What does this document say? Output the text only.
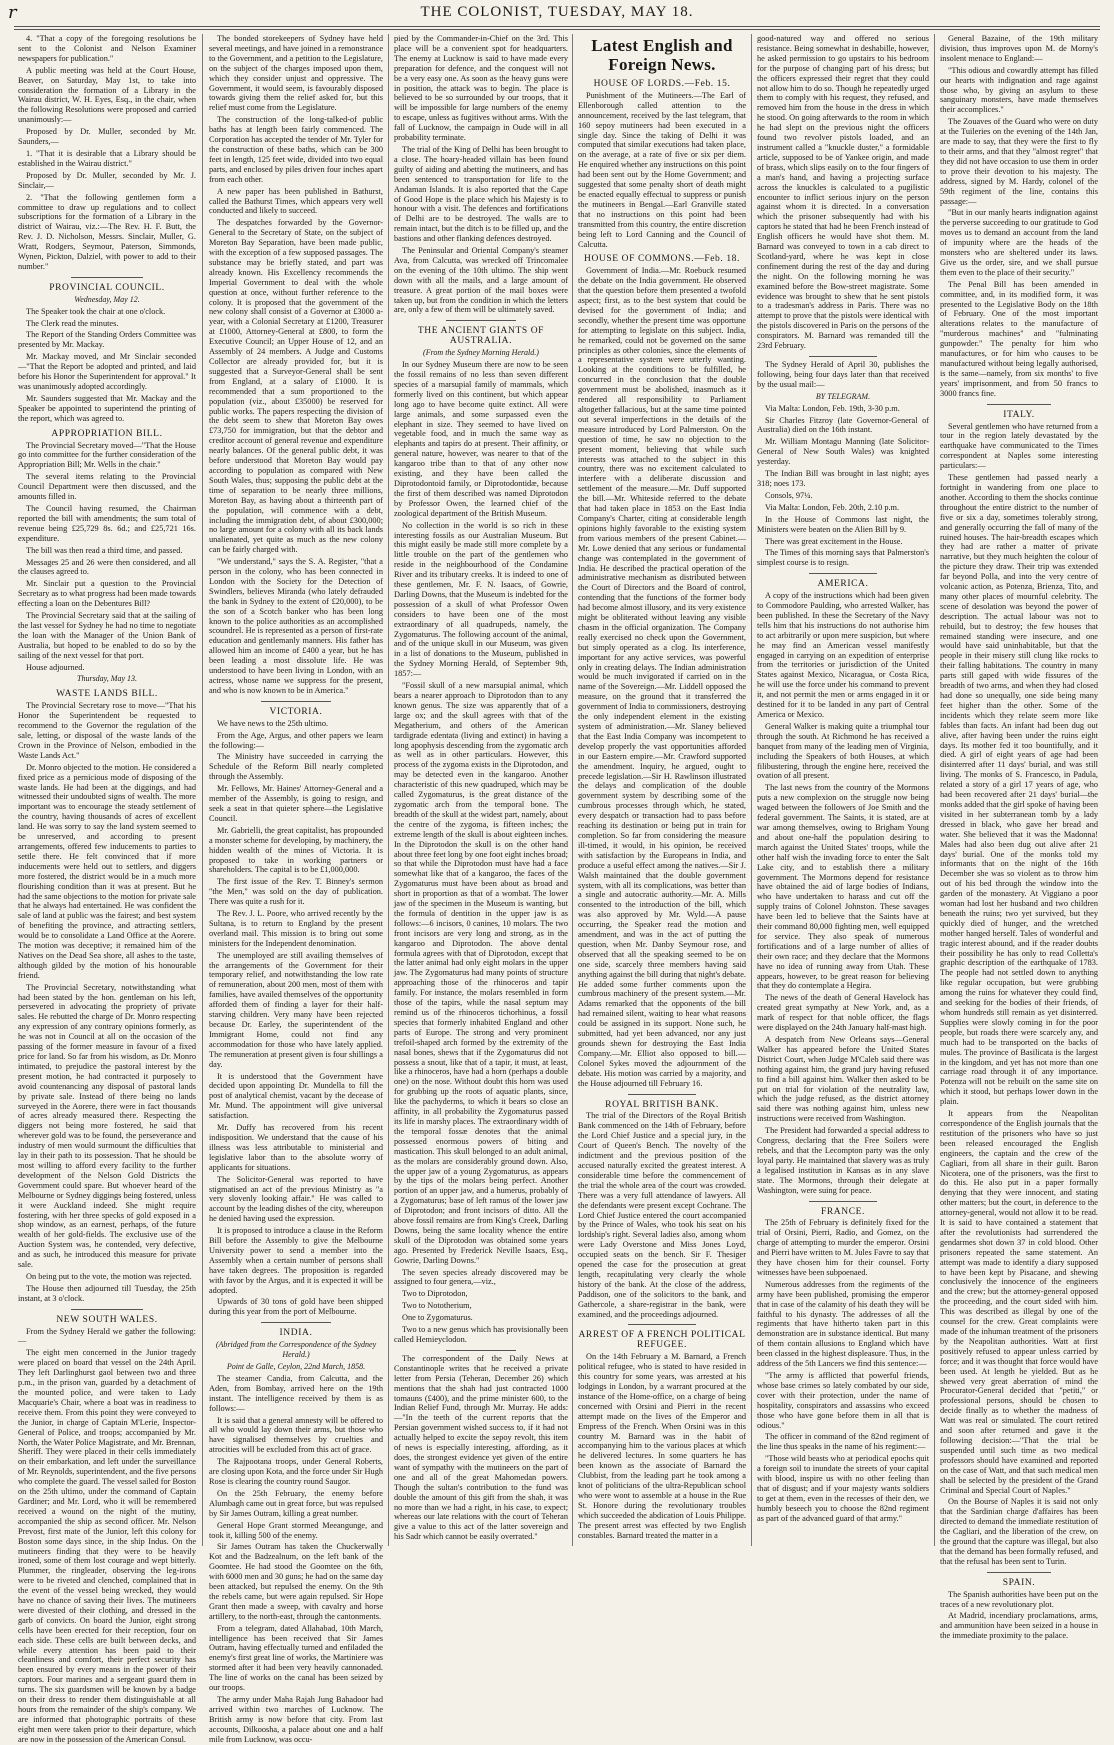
r	THE COLONIST, TUESDAY, MAY 18.

4. "That a copy of the foregoing resolutions be sent to the Colonist and Nelson Examiner newspapers for publication."

A public meeting was held at the Court House, Beaver, on Saturday, May 1st, to take into consideration the formation of a Library in the Wairau district, W. H. Eyes, Esq., in the chair, when the following Resolutions were proposed and carried unanimously:—

Proposed by Dr. Muller, seconded by Mr. Saunders,—

1. "That it is desirable that a Library should be established in the Wairau district."

Proposed by Dr. Muller, seconded by Mr. J. Sinclair,—

2. "That the following gentlemen form a committee to draw up regulations and to collect subscriptions for the formation of a Library in the district of Wairau, viz.:—The Rev. H. F. Butt, the Rev. J. D. Nicholson, Messrs. Sinclair, Muller, G. Wratt, Rodgers, Seymour, Paterson, Simmonds, Wynen, Pickton, Dalziel, with power to add to their number."

PROVINCIAL COUNCIL.

Wednesday, May 12.

The Speaker took the chair at one o'clock.

The Clerk read the minutes.

The Report of the Standing Orders Committee was presented by Mr. Mackay.

Mr. Mackay moved, and Mr Sinclair seconded —"That the Report be adopted and printed, and laid before his Honor the Superintendent for approval." It was unanimously adopted accordingly.

Mr. Saunders suggested that Mr. Mackay and the Speaker be appointed to superintend the printing of the report, which was agreed to.

APPROPRIATION BILL.

The Provincial Secretary moved—"That the House go into committee for the further consideration of the Appropriation Bill; Mr. Wells in the chair."

The several items relating to the Provincial Council Department were then discussed, and the amounts filled in.

The Council having resumed, the Chairman reported the bill with amendments; the sum total of revenue being £25,729 8s. 6d.; and £25,721 16s. expenditure.

The bill was then read a third time, and passed.

Messages 25 and 26 were then considered, and all the clauses agreed to.

Mr. Sinclair put a question to the Provincial Secretary as to what progress had been made towards effecting a loan on the Debentures Bill?

The Provincial Secretary said that at the sailing of the last vessel for Sydney he had no time to negotiate the loan with the Manager of the Union Bank of Australia, but hoped to be enabled to do so by the sailing of the next vessel for that port.

House adjourned.

Thursday, May 13.

WASTE LANDS BILL.

The Provincial Secretary rose to move—"That his Honor the Superintendent be requested to recommend to the Governor the regulation of the sale, letting, or disposal of the waste lands of the Crown in the Province of Nelson, embodied in the Waste Lands Act."

Dr. Monro objected to the motion. He considered a fixed price as a pernicious mode of disposing of the waste lands. He had been at the diggings, and had witnessed their undoubted signs of wealth. The more important was to encourage the steady settlement of the country, having thousands of acres of excellent land. He was sorry to say the land system seemed to be unreserved, and according to present arrangements, offered few inducements to parties to settle there. He felt convinced that if more inducements were held out to settlers, and diggers more fostered, the district would be in a much more flourishing condition than it was at present. But he had the same objections to the motion for private sale that he always had entertained. He was confident the sale of land at public was the fairest; and best system of benefiting the province, and attracting settlers, would be to consolidate a Land Office at the Aorere. The motion was deceptive; it remained him of the Natives on the Dead Sea shore, all ashes to the taste, although gilded by the motion of his honourable friend.

The Provincial Secretary, notwithstanding what had been stated by the hon. gentleman on his left, persevered in advocating the propriety of private sales. He rebutted the charge of Dr. Monro respecting any expression of any contrary opinions formerly, as he was not in Council at all on the occasion of the passing of the former measure in favour of a fixed price for land. So far from his wisdom, as Dr. Monro intimated, to prejudice the pastoral interest by the present motion, he had contracted it purposely to avoid countenancing any disposal of pastoral lands by private sale. Instead of there being no lands surveyed in the Aorere, there were in fact thousands of acres already measured there. Respecting the diggers not being more fostered, he said that wherever gold was to be found, the perseverance and industry of men would surmount the difficulties that lay in their path to its possession. That he should be most willing to afford every facility to the further development of the Nelson Gold Districts the Government could spare. But whoever heard of the Melbourne or Sydney diggings being fostered, unless it were Auckland indeed. She might require fostering, with her three specks of gold exposed in a shop window, as an earnest, perhaps, of the future wealth of her gold-fields. The exclusive use of the Auction System was, he contended, very defective, and as such, he introduced this measure for private sale.

On being put to the vote, the motion was rejected.

The House then adjourned till Tuesday, the 25th instant, at 3 o'clock.

NEW SOUTH WALES.

From the Sydney Herald we gather the following:—

The eight men concerned in the Junior tragedy were placed on board that vessel on the 24th April. They left Darlinghurst gaol between two and three p.m., in the prison van, guarded by a detachment of the mounted police, and were taken to Lady Macquarie's Chair, where a boat was in readiness to receive them. From this point they were conveyed to the Junior, in charge of Captain M'Lerie, Inspector-General of Police, and troops; accompanied by Mr. North, the Water Police Magistrate, and Mr. Brennan, Sheriff. They were placed in their cells immediately on their embarkation, and left under the surveillance of Mr. Reynolds, superintendent, and the five persons who complete the guard. The vessel sailed for Boston on the 25th ultimo, under the command of Captain Gardiner; and Mr. Lord, who it will be remembered received a wound on the night of the mutiny, accompanied the ship as second officer. Mr. Nelson Prevost, first mate of the Junior, left this colony for Boston some days since, in the ship Indus. On the mutineers finding that they were to be heavily ironed, some of them lost courage and wept bitterly. Plummer, the ringleader, observing the leg-irons were to be riveted and clenched, complained that in the event of the vessel being wrecked, they would have no chance of saving their lives. The mutineers were divested of their clothing, and dressed in the garb of convicts. On board the Junior, eight strong cells have been erected for their reception, four on each side. These cells are built between decks, and while every attention has been paid to their cleanliness and comfort, their perfect security has been ensured by every means in the power of their captors. Four marines and a sergeant guard them in turns. The six guardsmen will be known by a badge on their dress to render them distinguishable at all hours from the remainder of the ship's company. We are informed that photographic portraits of these eight men were taken prior to their departure, which are now in the possession of the American Consul.

The bonded storekeepers of Sydney have held several meetings, and have joined in a remonstrance to the Government, and a petition to the Legislature, on the subject of the charges imposed upon them, which they consider unjust and oppressive. The Government, it would seem, is favourably disposed towards giving them the relief asked for, but this relief must come from the Legislature.

The construction of the long-talked-of public baths has at length been fairly commenced. The Corporation has accepted the tender of Mr. Tyler for the construction of these baths, which can be 300 feet in length, 125 feet wide, divided into two equal parts, and enclosed by piles driven four inches apart from each other.

A new paper has been published in Bathurst, called the Bathurst Times, which appears very well conducted and likely to succeed.

The despatches forwarded by the Governor-General to the Secretary of State, on the subject of Moreton Bay Separation, have been made public, with the exception of a few supposed passages. The substance may be briefly stated, and part was already known. His Excellency recommends the Imperial Government to deal with the whole question at once, without further reference to the colony. It is proposed that the government of the new colony shall consist of a Governor at £3000 a-year, with a Colonial Secretary at £1200, Treasurer at £1000, Attorney-General at £800, to form the Executive Council; an Upper House of 12, and an Assembly of 24 members. A Judge and Customs Collector are already provided for, but it is suggested that a Surveyor-General shall be sent from England, at a salary of £1000. It is recommended that a sum proportioned to the population (viz., about £35000) be reserved for public works. The papers respecting the division of the debt seem to shew that Moreton Bay owes £73,750 for immigration, but that the debtor and creditor account of general revenue and expenditure nearly balances. Of the general public debt, it was before understood that Moreton Bay would pay according to population as compared with New South Wales, thus; supposing the public debt at the time of separation to be nearly three millions, Moreton Bay, as having about a thirteenth part of the population, will commence with a debt, including the immigration debt, of about £300,000; no large amount for a colony with all its back lands unalienated, yet quite as much as the new colony can be fairly charged with.

"We understand," says the S. A. Register, "that a person in the colony, who has been connected in London with the Society for the Detection of Swindlers, believes Miranda (who lately defrauded the bank in Sydney to the extent of £20,000), to be the son of a Scotch banker who has been long known to the police authorities as an accomplished scoundrel. He is represented as a person of first-rate education and gentlemanly manners. His father has allowed him an income of £400 a year, but he has been leading a most dissolute life. He was understood to have been living in London, with an actress, whose name we suppress for the present, and who is now known to be in America."

VICTORIA.

We have news to the 25th ultimo.

From the Age, Argus, and other papers we learn the following:—

The Ministry have succeeded in carrying the Schedule of the Reform Bill nearly completed through the Assembly.

Mr. Fellows, Mr. Haines' Attorney-General and a member of the Assembly, is going to resign, and seek a seat in that quieter sphere—the Legislative Council.

Mr. Gabrielli, the great capitalist, has propounded a monster scheme for developing, by machinery, the hidden wealth of the mines of Victoria. It is proposed to take in working partners or shareholders. The capital is to be £1,000,000.

The first issue of the Rev. T. Binney's sermon "the Men," was sold on the day of publication. There was quite a rush for it.

The Rev. J. L. Poore, who arrived recently by the Sultana, is to return to England by the present overland mail. This mission is to bring out some ministers for the Independent denomination.

The unemployed are still availing themselves of the arrangements of the Government for their temporary relief, and notwithstanding the low rate of remuneration, about 200 men, most of them with families, have availed themselves of the opportunity afforded them of finding a layer for their half-starving children. Very many have been rejected because Dr. Earley, the superintendent of the Immigrant Home, could not find any accommodation for those who have lately applied. The remuneration at present given is four shillings a day.

It is understood that the Government have decided upon appointing Dr. Mundella to fill the post of analytical chemist, vacant by the decease of Mr. Mund. The appointment will give universal satisfaction.

Mr. Duffy has recovered from his recent indisposition. We understand that the cause of his illness was less attributable to ministerial and legislative labor than to the absolute worry of applicants for situations.

The Solicitor-General was reported to have stigmatised an act of the previous Ministry as "a very slovenly looking affair." He was called to account by the leading dishes of the city, whereupon he denied having used the expression.

It is proposed to introduce a clause in the Reform Bill before the Assembly to give the Melbourne University power to send a member into the Assembly when a certain number of persons shall have taken degrees. The proposition is regarded with favor by the Argus, and it is expected it will be adopted.

Upwards of 30 tons of gold have been shipped during this year from the port of Melbourne.

INDIA.

(Abridged from the Correspondence of the Sydney Herald.)

Point de Galle, Ceylon, 22nd March, 1858.

The steamer Candia, from Calcutta, and the Aden, from Bombay, arrived here on the 19th instant. The intelligence received by them is as follows:—

It is said that a general amnesty will be offered to all who would lay down their arms, but those who have signalised themselves by cruelties and atrocities will be excluded from this act of grace.

The Rajpootana troops, under General Roberts, are closing upon Kota, and the force under Sir Hugh Rose is clearing the country round Saugor.

On the 25th February, the enemy before Alumbagh came out in great force, but was repulsed by Sir James Outram, killing a great number.

General Hope Grant stormed Meeangunge, and took it, killing 500 of the enemy.

Sir James Outram has taken the Chuckerwally Kot and the Badzealnum, on the left bank of the Goomtee. He had stood the Goomtee on the 6th, with 6000 men and 30 guns; he had on the same day been attacked, but repulsed the enemy. On the 9th the rebels came, but were again repulsed. Sir Hope Grant then made a sweep, with cavalry and horse artillery, to the north-east, through the cantonments.

From a telegram, dated Allahabad, 10th March, intelligence has been received that Sir James Outram, having effectually turned and enfiladed the enemy's first great line of works, the Martiniere was stormed after it had been very heavily cannonaded. The line of works on the canal has been seized by our troops.

The army under Maha Rajah Jung Bahadoor had arrived within two marches of Lucknow. The British army is now before that city. From last accounts, Dilkoosha, a palace about one and a half mile from Lucknow, was occu-

pied by the Commander-in-Chief on the 3rd. This place will be a convenient spot for headquarters. The enemy at Lucknow is said to have made every preparation for defence, and the conquest will not be a very easy one. As soon as the heavy guns were in position, the attack was to begin. The place is believed to be so surrounded by our troops, that it will be impossible for large numbers of the enemy to escape, unless as fugitives without arms. With the fall of Lucknow, the campaign in Oude will in all probability terminate.

The trial of the King of Delhi has been brought to a close. The hoary-headed villain has been found guilty of aiding and abetting the mutineers, and has been sentenced to transportation for life to the Andaman Islands. It is also reported that the Cape of Good Hope is the place which his Majesty is to honour with a visit. The defences and fortifications of Delhi are to be destroyed. The walls are to remain intact, but the ditch is to be filled up, and the bastions and other flanking defences destroyed.

The Peninsular and Oriental Company's steamer Ava, from Calcutta, was wrecked off Trincomalee on the evening of the 10th ultimo. The ship went down with all the mails, and a large amount of treasure. A great portion of the mail boxes were taken up, but from the condition in which the letters are, only a few of them will be ultimately saved.

THE ANCIENT GIANTS OF AUSTRALIA.

(From the Sydney Morning Herald.)

In our Sydney Museum there are now to be seen the fossil remains of no less than seven different species of a marsupial family of mammals, which formerly lived on this continent, but which appear long ago to have become quite extinct. All were large animals, and some surpassed even the elephant in size. They seemed to have lived on vegetable food, and in much the same way as elephants and tapirs do at present. Their affinity, or general nature, however, was nearer to that of the kangaroo tribe than to that of any other now existing, and they have been called the Diprotodontoid family, or Diprotodontidæ, because the first of them described was named Diprotodon by Professor Owen, the learned chief of the zoological department of the British Museum.

No collection in the world is so rich in these interesting fossils as our Australian Museum. But this might easily be made still more complete by a little trouble on the part of the gentlemen who reside in the neighbourhood of the Condamine River and its tributary creeks. It is indeed to one of these gentlemen, Mr. F. N. Isaacs, of Gowrie, Darling Downs, that the Museum is indebted for the possession of a skull of what Professor Owen considers to have been one of the most extraordinary of all quadrupeds, namely, the Zygomaturus. The following account of the animal, and of the unique skull in our Museum, was given in a list of donations to the Museum, published in the Sydney Morning Herald, of September 9th, 1857:—

"Fossil skull of a new marsupial animal, which bears a nearer approach to Diprotodon than to any known genus. The size was apparently that of a large ox; and the skull agrees with that of the Megatherium, and others of the American tardigrade edentata (living and extinct) in having a long apophysis descending from the zygomatic arch as well as in other particulars. However, this process of the zygoma exists in the Diprotodon, and may be detected even in the kangaroo. Another characteristic of this new quadruped, which may be called Zygomaturus, is the great distance of the zygomatic arch from the temporal bone. The breadth of the skull at the widest part, namely, about the centre of the zygoma, is fifteen inches; the extreme length of the skull is about eighteen inches. In the Diprotodon the skull is on the other hand about three feet long by one foot eight inches broad; so that while the Diprotodon must have had a face somewhat like that of a kangaroo, the faces of the Zygomaturus must have been about as broad and short in proportion as that of a wombat. The lower jaw of the specimen in the Museum is wanting, but the formula of dentition in the upper jaw is as follows:—6 incisors, 0 canines, 10 molars. The two front incisors are very long and strong, as in the kangaroo and Diprotodon. The above dental formula agrees with that of Diprotodon, except that the latter animal had only eight molars in the upper jaw. The Zygomaturus had many points of structure approaching those of the rhinoceros and tapir family. For instance, the molars resembled in form those of the tapirs, while the nasal septum may remind us of the rhinoceros tichorhinus, a fossil species that formerly inhabited England and other parts of Europe. The strong and very prominent trefoil-shaped arch formed by the extremity of the nasal bones, shews that if the Zygomaturus did not possess a snout, like that of a tapir, it must, at least, like a rhinoceros, have had a horn (perhaps a double one) on the nose. Without doubt this horn was used for grubbing up the roots of aquatic plants, since, like the pachyderms, to which it bears so close an affinity, in all probability the Zygomaturus passed its life in marshy places. The extraordinary width of the temporal fossæ denotes that the animal possessed enormous powers of biting and mastication. This skull belonged to an adult animal, as the molars are considerably ground down. Also, the upper jaw of a young Zygomaturus, as appears by the tips of the molars being perfect. Another portion of an upper jaw, and a humerus, probably of a Zygomaturus; base of left ramus of the lower jaw of Diprotodon; and front incisors of ditto. All the above fossil remains are from King's Creek, Darling Downs, being the same locality whence the entire skull of the Diprotodon was obtained some years ago. Presented by Frederick Neville Isaacs, Esq., Gowrie, Darling Downs."

The seven species already discovered may be assigned to four genera,—viz.,

Two to Diprotodon,

Two to Nototherium,

One to Zygomaturus.

Two to a new genus which has provisionally been called Hemieyclodon.

The correspondent of the Daily News at Constantinople writes that he received a private letter from Persia (Teheran, December 26) which mentions that the shah had just contracted 1000 tomauns (£400), and the prime minister 600, to the Indian Relief Fund, through Mr. Murray. He adds:—"In the teeth of the current reports that the Persian government wished success to, if it had not actually helped to excite the sepoy revolt, this item of news is especially interesting, affording, as it does, the strongest evidence yet given of the entire want of sympathy with the mutineers on the part of one and all of the great Mahomedan powers. Though the sultan's contribution to the fund was double the amount of this gift from the shah, it was no more than we had a right, in his case, to expect; whereas our late relations with the court of Teheran give a value to this act of the latter sovereign and his Sadr which cannot be easily overrated."

Latest English and Foreign News.
HOUSE OF LORDS.—Feb. 15.

Punishment of the Mutineers.—The Earl of Ellenborough called attention to the announcement, received by the last telegram, that 160 sepoy mutineers had been executed in a single day. Since the taking of Delhi it was computed that similar executions had taken place, on the average, at a rate of five or six per diem. He enquired whether any instructions on this point had been sent out by the Home Government; and suggested that some penalty short of death might be enacted equally effectual to suppress or punish the mutineers in Bengal.—Earl Granville stated that no instructions on this point had been transmitted from this country, the entire discretion being left to Lord Canning and the Council of Calcutta.

HOUSE OF COMMONS.—Feb. 18.

Government of India.—Mr. Roebuck resumed the debate on the India government. He observed that the question before them presented a twofold aspect; first, as to the best system that could be devised for the government of India; and secondly, whether the present time was opportune for attempting to legislate on this subject. India, he remarked, could not be governed on the same principles as other colonies, since the elements of a representative system were utterly wanting. Looking at the conditions to be fulfilled, he concurred in the conclusion that the double government must be abolished, inasmuch as it rendered all responsibility to Parliament altogether fallacious, but at the same time pointed out several imperfections in the details of the measure introduced by Lord Palmerston. On the question of time, he saw no objection to the present moment, believing that while such interests was attached to the subject in this country, there was no excitement calculated to interfere with a deliberate discussion and settlement of the measure.—Mr. Duff supported the bill.—Mr. Whiteside referred to the debate that had taken place in 1853 on the East India Company's Charter, citing at considerable length opinions highly favorable to the existing system from various members of the present Cabinet.—Mr. Lowe denied that any serious or fundamental change was contemplated in the government of India. He described the practical operation of the administrative mechanism as distributed between the Court of Directors and the Board of control, contending that the functions of the former body had become almost illusory, and its very existence might be obliterated without leaving any visible chasm in the official organization. The Company really exercised no check upon the Government, but simply operated as a clog. Its interference, important for any active services, was powerful only in creating delays. The Indian administration would be much invigorated if carried on in the name of the Sovereign.—Mr. Liddell opposed the measure, on the ground that it transferred the government of India to commissioners, destroying the only independent element in the existing system of administration.—Mr. Slaney believed that the East India Company was incompetent to develop properly the vast opportunities afforded in our Eastern empire.—Mr. Crawford supported the amendment. Inquiry, he argued, ought to precede legislation.—Sir H. Rawlinson illustrated the delays and complication of the double government system by describing some of the cumbrous processes through which, he stated, every despatch or transaction had to pass before reaching its destination or being put in train for completion. So far from considering the measure ill-timed, it would, in his opinion, be received with satisfaction by the Europeans in India, and produce a useful effect among the natives.—Sir J. Walsh maintained that the double government system, with all its complications, was better than a single and autocratic authority.—Mr. A. Mills consented to the introduction of the bill, which was also approved by Mr. Wyld.—A pause occurring, the Speaker read the motion and amendment, and was in the act of putting the question, when Mr. Danby Seymour rose, and observed that all the speaking seemed to be on one side, scarcely three members having said anything against the bill during that night's debate. He added some further comments upon the cumbrous machinery of the present system.—Mr. Adams remarked that the opponents of the bill had remained silent, waiting to hear what reasons could be assigned in its support. None such, he submitted, had yet been advanced, nor any just grounds shewn for destroying the East India Company.—Mr. Elliot also opposed to bill.—Colonel Sykes moved the adjournment of the debate. His motion was carried by a majority, and the House adjourned till February 16.

ROYAL BRITISH BANK.

The trial of the Directors of the Royal British Bank commenced on the 14th of February, before the Lord Chief Justice and a special jury, in the Court of Queen's Bench. The novelty of the indictment and the previous position of the accused naturally excited the greatest interest. A considerable time before the commencement of the trial the whole area of the court was crowded. There was a very full attendance of lawyers. All the defendants were present except Cochrane. The Lord Chief Justice entered the court accompanied by the Prince of Wales, who took his seat on his lordship's right. Several ladies also, among whom were Lady Overstone and Miss Jones Loyd, occupied seats on the bench. Sir F. Thesiger opened the case for the prosecution at great length, recapitulating very clearly the whole history of the bank. At the close of the address, Paddison, one of the solicitors to the bank, and Gathercole, a share-registrar in the bank, were examined, and the proceedings adjourned.

ARREST OF A FRENCH POLITICAL REFUGEE.

On the 14th February a M. Barnard, a French political refugee, who is stated to have resided in this country for some years, was arrested at his lodgings in London, by a warrant procured at the instance of the Home-office, on a charge of being concerned with Orsini and Pierri in the recent attempt made on the lives of the Emperor and Empress of the French. When Orsini was in this country M. Barnard was in the habit of accompanying him to the various places at which he delivered lectures. In some quarters he has been known as the associate of Barnard the Clubbist, from the leading part he took among a knot of politicians of the ultra-Republican school who were wont to assemble at a house in the Rue St. Honore during the revolutionary troubles which succeeded the abdication of Louis Philippe. The present arrest was effected by two English constables. Barnard treated the matter in a

good-natured way and offered no serious resistance. Being somewhat in deshabille, however, he asked permission to go upstairs to his bedroom for the purpose of changing part of his dress; but the officers expressed their regret that they could not allow him to do so. Though he repeatedly urged them to comply with his request, they refused, and removed him from the house in the dress in which he stood. On going afterwards to the room in which he had slept on the previous night the officers found two revolver pistols loaded, and an instrument called a "knuckle duster," a formidable article, supposed to be of Yankee origin, and made of brass, which slips easily on to the four fingers of a man's hand, and having a projecting surface across the knuckles is calculated to a pugilistic encounter to inflict serious injury on the person against whom it is directed. In a conversation which the prisoner subsequently had with his captors he stated that had he been French instead of English officers he would have shot them. M. Barnard was conveyed to town in a cab direct to Scotland-yard, where he was kept in close confinement during the rest of the day and during the night. On the following morning he was examined before the Bow-street magistrate. Some evidence was brought to shew that he sent pistols to a tradesman's address in Paris. There was no attempt to prove that the pistols were identical with the pistols discovered in Paris on the persons of the conspirators. M. Barnard was remanded till the 23rd February.

The Sydney Herald of April 30, publishes the following, being four days later than that received by the usual mail:—

BY TELEGRAM.

Via Malta: London, Feb. 19th, 3-30 p.m.

Sir Charles Fitzroy (late Governor-General of Australia) died on the 16th instant.

Mr. William Montagu Manning (late Solicitor-General of New South Wales) was knighted yesterday.

The Indian Bill was brought in last night; ayes 318; noes 173.

Consols, 97¼.

Via Malta: London, Feb. 20th, 2.10 p.m.

In the House of Commons last night, the Ministers were beaten on the Alien Bill by 9.

There was great excitement in the House.

The Times of this morning says that Palmerston's simplest course is to resign.

AMERICA.

A copy of the instructions which had been given to Commodore Paulding, who arrested Walker, has been published. In these the Secretary of the Navy tells him that his instructions do not authorise him to act arbitrarily or upon mere suspicion, but where he may find an American vessel manifestly engaged in carrying on an expedition of enterprise from the territories or jurisdiction of the United States against Mexico, Nicaragua, or Costa Rica, he will use the force under his command to prevent it, and not permit the men or arms engaged in it or destined for it to be landed in any part of Central America or Mexico.

General Walker is making quite a triumphal tour through the south. At Richmond he has received a banquet from many of the leading men of Virginia, including the Speakers of both Houses, at which filibustering, through the engine here, received the ovation of all present.

The last news from the country of the Mormons puts a new complexion on the struggle now being waged between the followers of Joe Smith and the federal government. The Saints, it is stated, are at war among themselves, owing to Brigham Young and about one-half the population desiring to march against the United States' troops, while the other half wish the invading force to enter the Salt Lake city, and to establish there a military government. The Mormons depend for resistance have obtained the aid of large bodies of Indians, who have undertaken to harass and cut off the supply trains of Colonel Johnston. These savages have been led to believe that the Saints have at their command 80,000 fighting men, well equipped for service. They also speak of numerous fortifications and of a large number of allies of their own race; and they declare that the Mormons have no idea of running away from Utah. These appears, however, to be great reason for believing that they do contemplate a Hegira.

The news of the death of General Havelock has created great sympathy at New York, and, as a mark of respect for that noble officer, the flags were displayed on the 24th January half-mast high.

A despatch from New Orleans says—General Walker has appeared before the United States District Court, when Judge M'Caleb said there was nothing against him, the grand jury having refused to find a bill against him. Walker then asked to be put on trial for violation of the neutrality law, which the judge refused, as the district attorney said there was nothing against him, unless new instructions were received from Washington.

The President had forwarded a special address to Congress, declaring that the Free Soilers were rebels, and that the Lecompton party was the only loyal party. He maintained that slavery was as truly a legalised institution in Kansas as in any slave state. The Mormons, through their delegate at Washington, were suing for peace.

FRANCE.

The 25th of February is definitely fixed for the trial of Orsini, Pierri, Radio, and Gomez, on the charge of attempting to murder the emperor. Orsini and Pierri have written to M. Jules Favre to say that they have chosen him for their counsel. Forty witnesses have been subpoenaed.

Numerous addresses from the regiments of the army have been published, promising the emperor that in case of the calamity of his death they will be faithful to his dynasty. The addresses of all the regiments that have hitherto taken part in this demonstration are in substance identical. But many of them contain allusions to England which have been classed in the highest displeasure. Thus, in the address of the 5th Lancers we find this sentence:—

"The army is afflicted that powerful friends, whose base crimes so lately combated by our side, cover with their protection, under the name of hospitality, conspirators and assassins who exceed those who have gone before them in all that is odious."

The officer in command of the 82nd regiment of the line thus speaks in the name of his regiment:—

"Those wild beasts who at periodical epochs quit a foreign soil to inundate the streets of your capital with blood, inspire us with no other feeling than that of disgust; and if your majesty wants soldiers to get at them, even in the recesses of their den, we humbly beseech you to choose the 82nd regiment as part of the advanced guard of that army."

General Bazaine, of the 19th military division, thus improves upon M. de Morny's insolent menace to England:—

"This odious and cowardly attempt has filled our hearts with indignation and rage against those who, by giving an asylum to these sanguinary monsters, have made themselves their accomplices."

The Zouaves of the Guard who were on duty at the Tuileries on the evening of the 14th Jan, are made to say, that they were the first to fly to their arms, and that they "almost regret" that they did not have occasion to use them in order to prove their devotion to his majesty. The address, signed by M. Hardy, colonel of the 59th regiment of the line, contains this passage:—

"But in our manly hearts indignation against the perverse succeeding to our gratitude to God moves us to demand an account from the land of impunity where are the heads of the monsters who are sheltered under its laws. Give us the order, sire, and we shall pursue them even to the place of their security."

The Penal Bill has been amended in committee, and, in its modified form, it was presented to the Legislative Body on the 18th of February. One of the most important alterations relates to the manufacture of "murderous machines" and "fulminating gunpowder." The penalty for him who manufactures, or for him who causes to be manufactured without being legally authorised, is the same—namely, from six months' to five years' imprisonment, and from 50 francs to 3000 francs fine.

ITALY.

Several gentlemen who have returned from a tour in the region lately devastated by the earthquake have communicated to the Times correspondent at Naples some interesting particulars:—

These gentlemen had passed nearly a fortnight in wandering from one place to another. According to them the shocks continue throughout the entire district to the number of five or six a day, sometimes tolerably strong, and generally occurring the fall of many of the ruined houses. The hair-breadth escapes which they had are rather a matter of private narrative, but they much heighten the colour of the picture they draw. Their trip was extended far beyond Polla, and into the very centre of volcanic action, as Potenza, Brienza, Tito, and many other places of mournful celebrity. The scene of desolation was beyond the power of description. The actual labour was not to rebuild, but to destroy; the few houses that remained standing were insecure, and one would have said uninhabitable, but that the people in their misery still clung like rocks to their falling habitations. The country in many parts still gaped with wide fissures of the breadth of two arms, and when they had closed had done so unequally, one side being many feet higher than the other. Some of the incidents which they relate seem more like fables than facts. An infant had been dug out alive, after having been under the ruins eight days. Its mother fed it too bountifully, and it died. A girl of eight years of age had been disinterred after 11 days' burial, and was still living. The monks of S. Francesco, in Padula, related a story of a girl 17 years of age, who had been recovered after 21 days' burial—the monks added that the girl spoke of having been visited in her subterranean tomb by a lady dressed in black, who gave her bread and water. She believed that it was the Madonna! Males had also been dug out alive after 21 days' burial. One of the monks told my informants that on the night of the 16th December she was so violent as to throw him out of his bed through the window into the garden of the monastery. At Viggiano a poor woman had lost her husband and two children beneath the ruins; two yet survived, but they quickly died of hunger, and the wretched mother hanged herself. Tales of wonderful and tragic interest abound, and if the reader doubts their possibility he has only to read Colletta's graphic description of the earthquake of 1783. The people had not settled down to anything like regular occupation, but were grubbing among the ruins for whatever they could find, and seeking for the bodies of their friends, of whom hundreds still remain as yet disinterred. Supplies were slowly coming in for the poor people, but roads there were scarcely any, and much had to be transported on the backs of mules. The province of Basilicata is the largest in the kingdom, and yet has not more than one carriage road through it of any importance. Potenza will not be rebuilt on the same site on which it stood, but perhaps lower down in the plain.

It appears from the Neapolitan correspondence of the English journals that the restitution of the prisoners who have so just been released encouraged the English engineers, the captain and the crew of the Cagliari, from all share in their guilt. Baron Nicotera, one of the prisoners, was the first to do this. He also put in a paper formally denying that they were innocent, and stating other matters; but the court, in deference to the attorney-general, would not allow it to be read. It is said to have contained a statement that after the revolutionists had surrendered the gendarmes shot down 37 in cold blood. Other prisoners repeated the same statement. An attempt was made to identify a diary supposed to have been kept by Pisacane, and shewing conclusively the innocence of the engineers and the crew; but the attorney-general opposed the proceeding, and the court sided with him. This was described as illegal by one of the counsel for the crew. Great complaints were made of the inhuman treatment of the prisoners by the Neapolitan authorities. Watt at first positively refused to appear unless carried by force; and it was thought that force would have been used. At length he yielded. But as he shewed very great aberration of mind the Procurator-General decided that "petiti," or professional persons, should be chosen to decide finally as to whether the madness of Watt was real or simulated. The court retired and soon after returned and gave it the following decision:—"That the trial be suspended until such time as two medical professors should have examined and reported on the case of Watt, and that such medical men shall be selected by the president of the Grand Criminal and Special Court of Naples."

On the Bourse of Naples it is said not only that the Sardinian charge d'affaires has been directed to demand the immediate restitution of the Cagliari, and the liberation of the crew, on the ground that the capture was illegal, but also that the demand has been formally refused, and that the refusal has been sent to Turin.

SPAIN.

The Spanish authorities have been put on the traces of a new revolutionary plot.

At Madrid, incendiary proclamations, arms, and ammunition have been seized in a house in the immediate proximity to the palace.
